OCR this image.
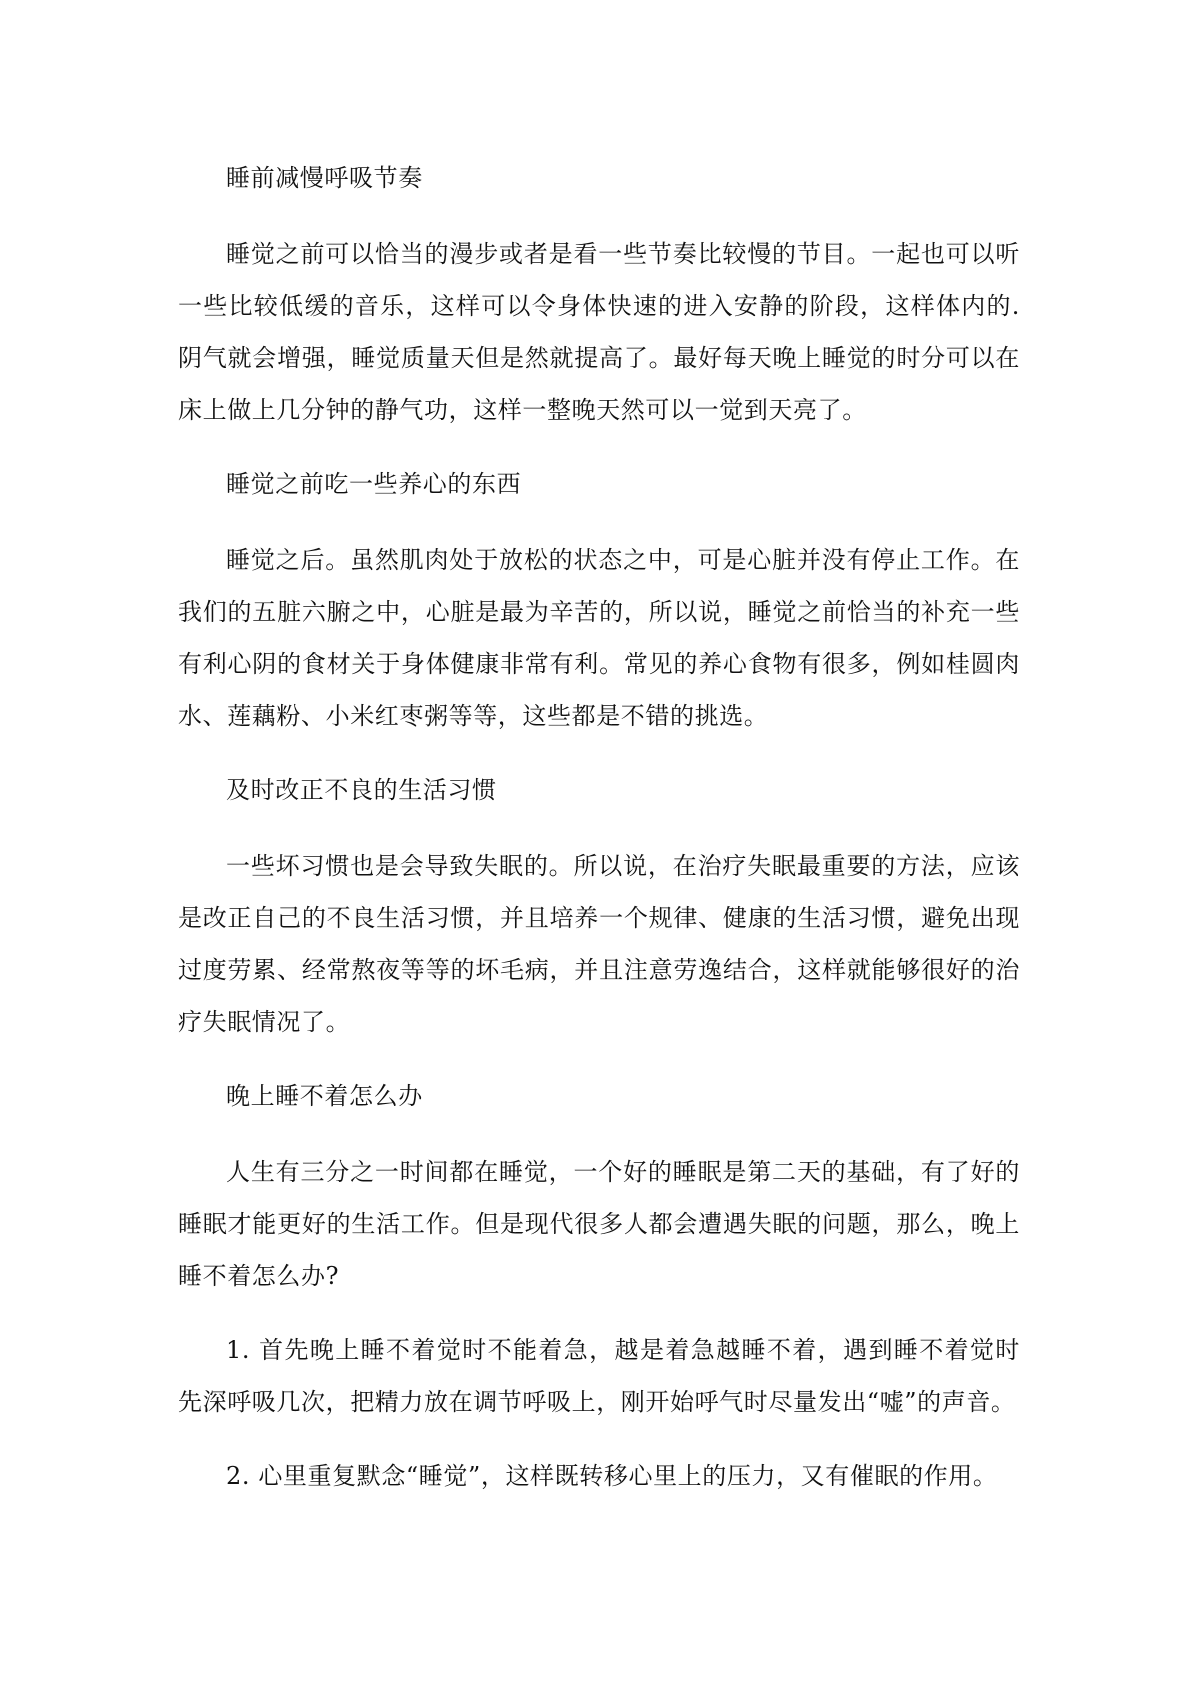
睡前减慢呼吸节奏

睡觉之前可以恰当的漫步或者是看一些节奏比较慢的节目。一起也可以听一些比较低缓的音乐，这样可以令身体快速的进入安静的阶段，这样体内的. 阴气就会增强，睡觉质量天但是然就提高了。最好每天晚上睡觉的时分可以在床上做上几分钟的静气功，这样一整晚天然可以一觉到天亮了。

睡觉之前吃一些养心的东西

睡觉之后。虽然肌肉处于放松的状态之中，可是心脏并没有停止工作。在我们的五脏六腑之中，心脏是最为辛苦的，所以说，睡觉之前恰当的补充一些有利心阴的食材关于身体健康非常有利。常见的养心食物有很多，例如桂圆肉水、莲藕粉、小米红枣粥等等，这些都是不错的挑选。

及时改正不良的生活习惯

一些坏习惯也是会导致失眠的。所以说，在治疗失眠最重要的方法，应该是改正自己的不良生活习惯，并且培养一个规律、健康的生活习惯，避免出现过度劳累、经常熬夜等等的坏毛病，并且注意劳逸结合，这样就能够很好的治疗失眠情况了。

晚上睡不着怎么办

人生有三分之一时间都在睡觉，一个好的睡眠是第二天的基础，有了好的睡眠才能更好的生活工作。但是现代很多人都会遭遇失眠的问题，那么，晚上睡不着怎么办?

1. 首先晚上睡不着觉时不能着急，越是着急越睡不着，遇到睡不着觉时先深呼吸几次，把精力放在调节呼吸上，刚开始呼气时尽量发出“嘘”的声音。

2. 心里重复默念“睡觉”，这样既转移心里上的压力，又有催眠的作用。
